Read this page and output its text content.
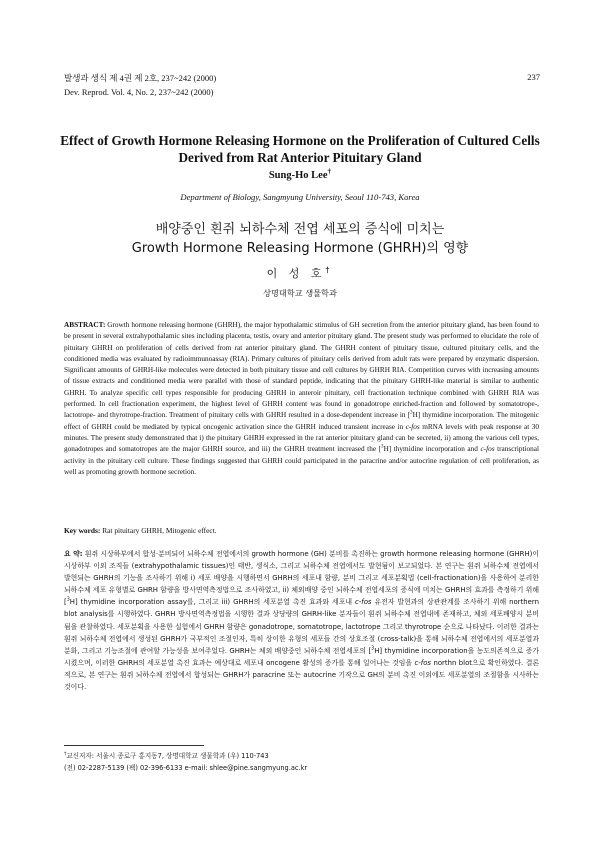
발생과 생식 제 4권 제 2호, 237~242 (2000)
Dev. Reprod. Vol. 4, No. 2, 237~242 (2000)
237
Effect of Growth Hormone Releasing Hormone on the Proliferation of Cultured Cells Derived from Rat Anterior Pituitary Gland
Sung-Ho Lee†
Department of Biology, Sangmyung University, Seoul 110-743, Korea
배양중인 흰쥐 뇌하수체 전엽 세포의 증식에 미치는
Growth Hormone Releasing Hormone (GHRH)의 영향
이 성 호†
상명대학교 생물학과
ABSTRACT: Growth hormone releasing hormone (GHRH), the major hypothalamic stimulus of GH secretion from the anterior pituitary gland, has been found to be present in several extrahypothalamic sites including placenta, testis, ovary and anterior pituitary gland. The present study was performed to elucidate the role of pituitary GHRH on proliferation of cells derived from rat anterior pituitary gland. The GHRH content of pituitary tissue, cultured pituitary cells, and the conditioned media was evaluated by radioimmunoassay (RIA). Primary cultures of pituitary cells derived from adult rats were prepared by enzymatic dispersion. Significant amounts of GHRH-like molecules were detected in both pituitary tissue and cell cultures by GHRH RIA. Competition curves with increasing amounts of tissue extracts and conditioned media were parallel with those of standard peptide, indicating that the pituitary GHRH-like material is similar to authentic GHRH. To analyze specific cell types responsible for producing GHRH in anteroir pituitary, cell fractionation technique combined with GHRH RIA was performed. In cell fractionation experiment, the highest level of GHRH content was found in gonadotrope enriched-fraction and followed by somatotrope-, lactotrope- and thyrotrope-fraction. Treatment of pituitary cells with GHRH resulted in a dose-dependent increase in [$^3$H] thymidine incorporation. The mitogenic effect of GHRH could be mediated by typical oncogenic activation since the GHRH induced transient increase in c-fos mRNA levels with peak response at 30 minutes. The present study demonstrated that i) the pituitary GHRH expressed in the rat anterior pituitary gland can be secreted, ii) among the various cell types, gonadotropes and somatotropes are the major GHRH source, and iii) the GHRH treatment increased the [$^3$H] thymidine incorporation and c-fos transcriptional activity in the pituitary cell culture. These findings suggested that GHRH could participated in the paracrine and/or autocrine regulation of cell proliferation, as well as promoting growth hormone secretion.
Key words: Rat pituitary GHRH, Mitogenic effect.
요 약: 흰쥐 시상하부에서 합성·분비되어 뇌하수체 전엽에서의 growth hormone (GH) 분비를 촉진하는 growth hormone releasing hormone (GHRH)이 시상하부 이외 조직들 (extrahypothalamic tissues)인 태반, 생식소, 그리고 뇌하수체 전엽에서도 발현됨이 보고되었다. 본 연구는 흰쥐 뇌하수체 전엽에서 발현되는 GHRH의 기능을 조사하기 위해 i) 세포 배양을 시행하면서 GHRH의 세포내 함량, 분비 그리고 세포분획법 (cell-fractionation)을 사용하여 분리한 뇌하수체 세포 유형별로 GHRH 함량을 방사면역측정법으로 조사하였고, ii) 체외배양 중인 뇌하수체 전엽세포의 증식에 미치는 GHRH의 효과를 측정하기 위해 [$^3$H] thymidine incorporation assay를, 그리고 iii) GHRH의 세포분열 촉진 효과와 세포내 c-fos 유전자 발현과의 상관관계를 조사하기 위해 northern blot analysis를 시행하였다. GHRH 방사면역측정법을 시행한 결과 상당량의 GHRH-like 분자들이 흰쥐 뇌하수체 전엽내에 존재하고, 체외 세포배양시 분비됨을 관찰하였다. 세포분획을 사용한 실험에서 GHRH 함량은 gonadotrope, somatotrope, lactotrope 그리고 thyrotrope 순으로 나타났다. 이러한 결과는 흰쥐 뇌하수체 전엽에서 생성된 GHRH가 국부적인 조절인자, 특히 상이한 유형의 세포들 간의 상호조절 (cross-talk)을 통해 뇌하수체 전엽에서의 세포분열과 분화, 그리고 기능조절에 관여할 가능성을 보여주었다. GHRH는 체외 배양중인 뇌하수체 전엽세포의 [$^3$H] thymidine incorporation을 농도의존적으로 증가시켰으며, 이러한 GHRH의 세포분열 촉진 효과는 예상대로 세포내 oncogene 활성의 증가를 통해 일어나는 것임을 c-fos northn blot으로 확인하였다. 결론적으로, 본 연구는 흰쥐 뇌하수체 전엽에서 합성되는 GHRH가 paracrine 또는 autocrine 기작으로 GH의 분비 촉진 이외에도 세포분열의 조절함을 시사하는 것이다.
†교신저자: 서울시 종로구 홍지동7, 상명대학교 생물학과 (우) 110-743
(전) 02-2287-5139 (팩) 02-396-6133 e-mail: shlee@pine.sangmyung.ac.kr
